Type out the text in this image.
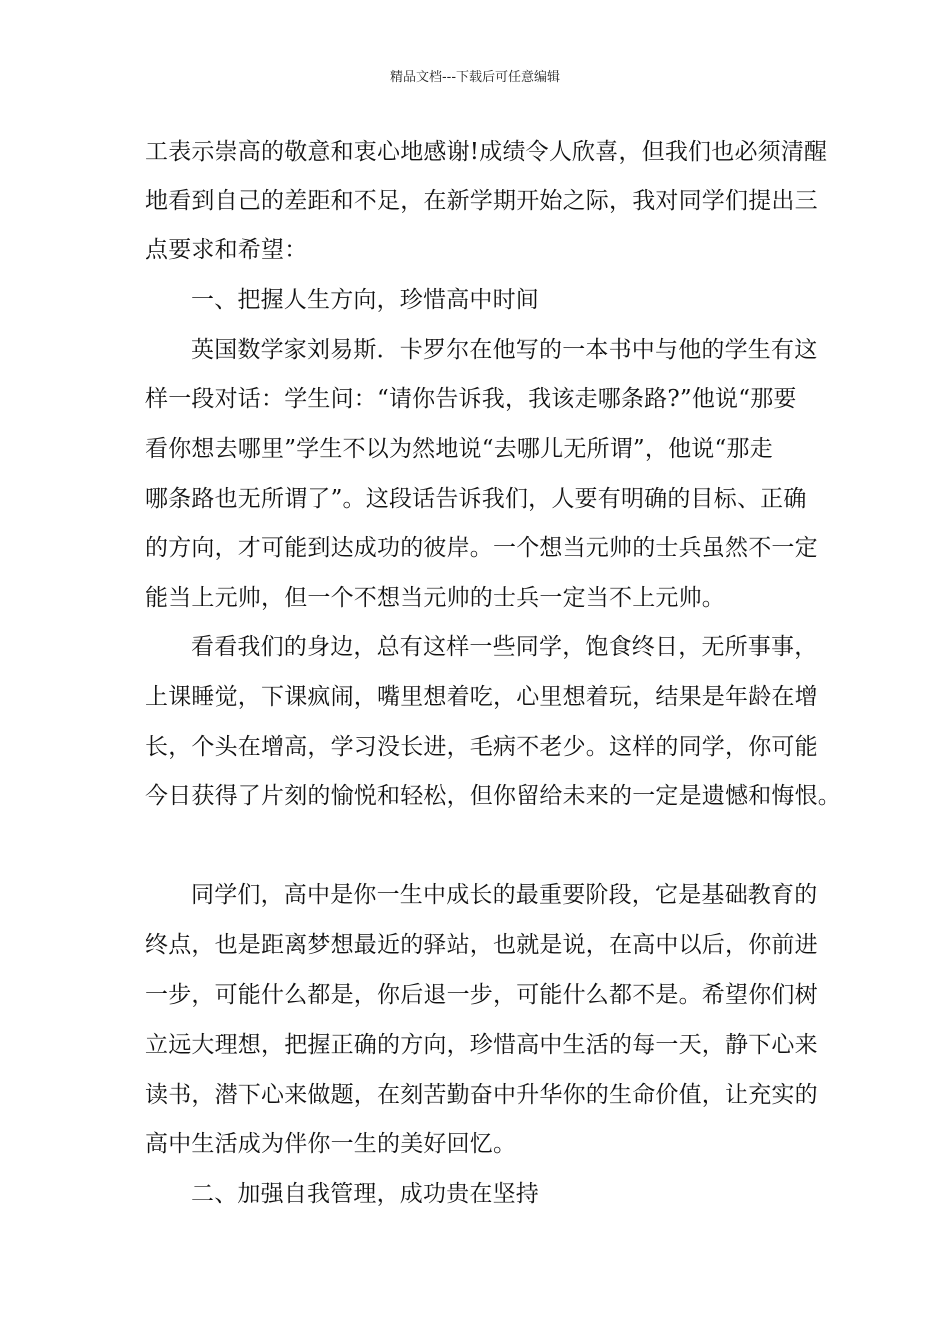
精品文档---下载后可任意编辑
工表示崇高的敬意和衷心地感谢!成绩令人欣喜，但我们也必须清醒
地看到自己的差距和不足，在新学期开始之际，我对同学们提出三
点要求和希望：
一、把握人生方向，珍惜高中时间
英国数学家刘易斯．卡罗尔在他写的一本书中与他的学生有这
样一段对话：学生问：“请你告诉我，我该走哪条路?”他说“那要
看你想去哪里”学生不以为然地说“去哪儿无所谓”，他说“那走
哪条路也无所谓了”。这段话告诉我们，人要有明确的目标、正确
的方向，才可能到达成功的彼岸。一个想当元帅的士兵虽然不一定
能当上元帅，但一个不想当元帅的士兵一定当不上元帅。
看看我们的身边，总有这样一些同学，饱食终日，无所事事，
上课睡觉，下课疯闹，嘴里想着吃，心里想着玩，结果是年龄在增
长，个头在增高，学习没长进，毛病不老少。这样的同学，你可能
今日获得了片刻的愉悦和轻松，但你留给未来的一定是遗憾和悔恨。
同学们，高中是你一生中成长的最重要阶段，它是基础教育的
终点，也是距离梦想最近的驿站，也就是说，在高中以后，你前进
一步，可能什么都是，你后退一步，可能什么都不是。希望你们树
立远大理想，把握正确的方向，珍惜高中生活的每一天，静下心来
读书，潜下心来做题，在刻苦勤奋中升华你的生命价值，让充实的
高中生活成为伴你一生的美好回忆。
二、加强自我管理，成功贵在坚持
